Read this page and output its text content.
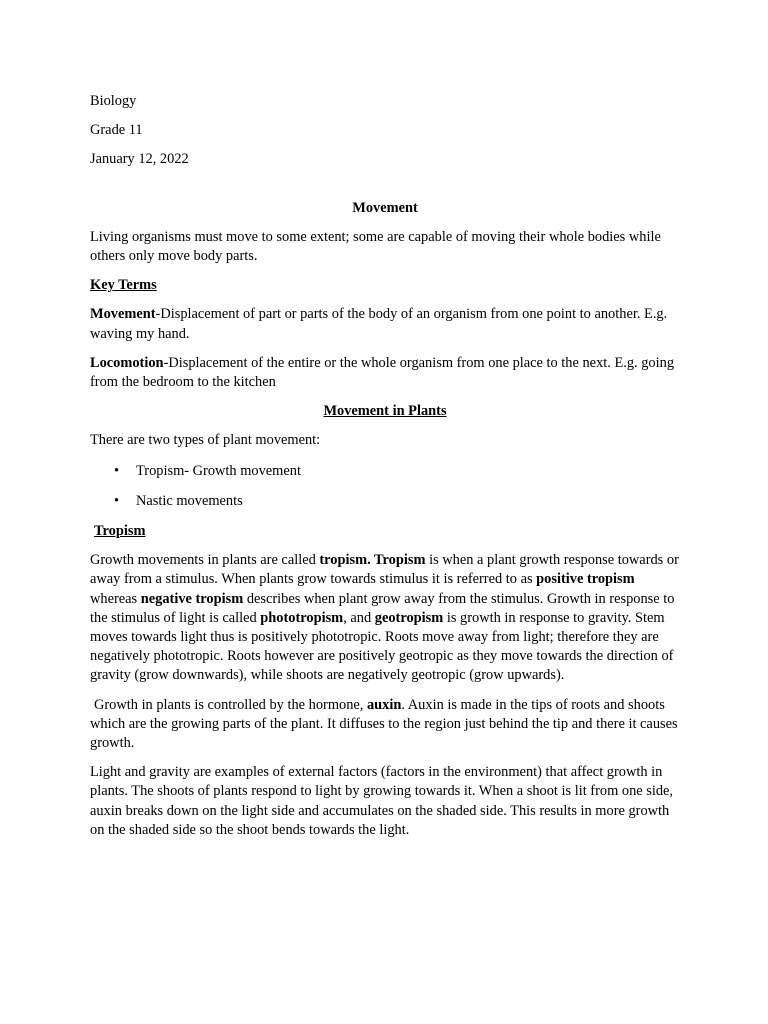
Biology

Grade 11

January 12, 2022

Movement

Living organisms must move to some extent; some are capable of moving their whole bodies while others only move body parts.

Key Terms

Movement-Displacement of part or parts of the body of an organism from one point to another. E.g. waving my hand.

Locomotion-Displacement of the entire or the whole organism from one place to the next. E.g. going from the bedroom to the kitchen

Movement in Plants

There are two types of plant movement:

• Tropism- Growth movement
• Nastic movements

Tropism

Growth movements in plants are called tropism. Tropism is when a plant growth response towards or away from a stimulus. When plants grow towards stimulus it is referred to as positive tropism whereas negative tropism describes when plant grow away from the stimulus. Growth in response to the stimulus of light is called phototropism, and geotropism is growth in response to gravity. Stem moves towards light thus is positively phototropic. Roots move away from light; therefore they are negatively phototropic. Roots however are positively geotropic as they move towards the direction of gravity (grow downwards), while shoots are negatively geotropic (grow upwards).

Growth in plants is controlled by the hormone, auxin. Auxin is made in the tips of roots and shoots which are the growing parts of the plant. It diffuses to the region just behind the tip and there it causes growth.

Light and gravity are examples of external factors (factors in the environment) that affect growth in plants. The shoots of plants respond to light by growing towards it. When a shoot is lit from one side, auxin breaks down on the light side and accumulates on the shaded side. This results in more growth on the shaded side so the shoot bends towards the light.
